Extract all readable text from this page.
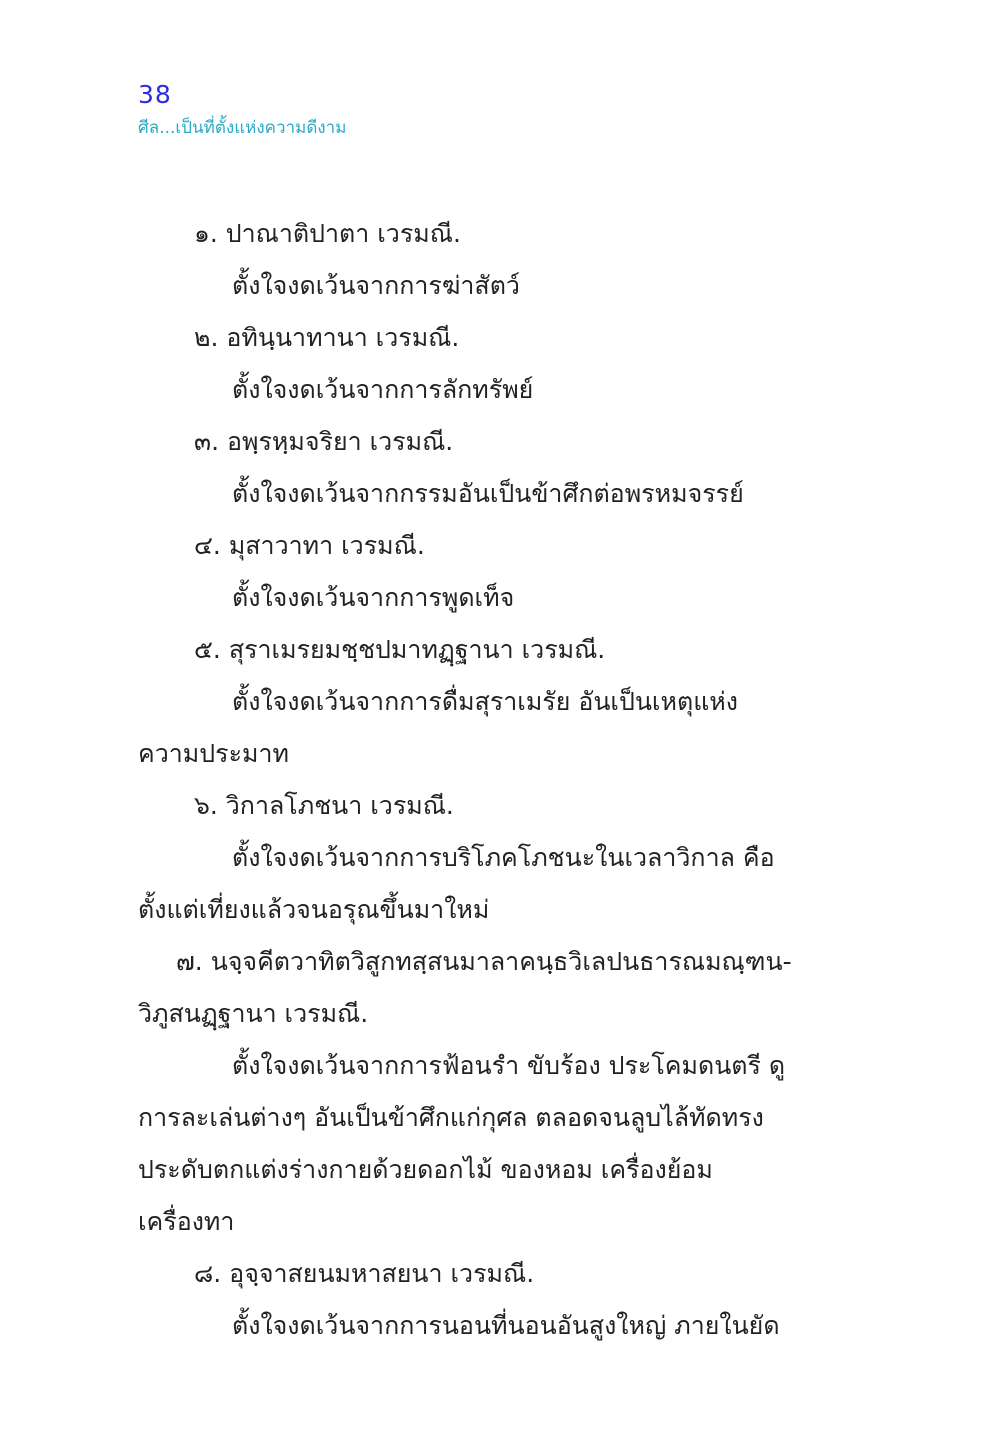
38
ศีล...เป็นที่ตั้งแห่งความดีงาม
๑. ปาณาติปาตา เวรมณี.
ตั้งใจงดเว้นจากการฆ่าสัตว์
๒. อทินฺนาทานา เวรมณี.
ตั้งใจงดเว้นจากการลักทรัพย์
๓. อพฺรหฺมจริยา เวรมณี.
ตั้งใจงดเว้นจากกรรมอันเป็นข้าศึกต่อพรหมจรรย์
๔. มุสาวาทา เวรมณี.
ตั้งใจงดเว้นจากการพูดเท็จ
๕. สุราเมรยมชฺชปมาทฏฺฐานา เวรมณี.
ตั้งใจงดเว้นจากการดื่มสุราเมรัย อันเป็นเหตุแห่ง
ความประมาท
๖. วิกาลโภชนา เวรมณี.
ตั้งใจงดเว้นจากการบริโภคโภชนะในเวลาวิกาล คือ
ตั้งแต่เที่ยงแล้วจนอรุณขึ้นมาใหม่
๗. นจฺจคีตวาทิตวิสูกทสฺสนมาลาคนฺธวิเลปนธารณมณฺฑน-
วิภูสนฏฺฐานา เวรมณี.
ตั้งใจงดเว้นจากการฟ้อนรำ ขับร้อง ประโคมดนตรี ดู
การละเล่นต่างๆ อันเป็นข้าศึกแก่กุศล ตลอดจนลูบไล้ทัดทรง
ประดับตกแต่งร่างกายด้วยดอกไม้ ของหอม เครื่องย้อม
เครื่องทา
๘. อุจฺจาสยนมหาสยนา เวรมณี.
ตั้งใจงดเว้นจากการนอนที่นอนอันสูงใหญ่ ภายในยัด
